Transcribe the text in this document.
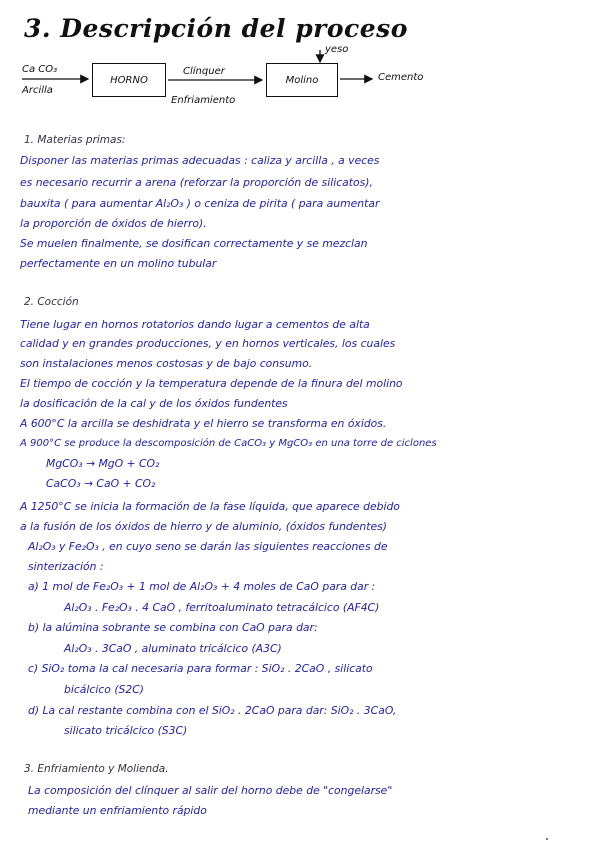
3. Descripción del proceso
Ca CO₃
Arcilla
HORNO
Clínquer
Enfriamiento
yeso
Molino	Cemento
1. Materias primas:
Disponer las materias primas adecuadas : caliza y arcilla , a veces
es necesario recurrir a arena (reforzar la proporción de silicatos),
bauxita ( para aumentar Al₂O₃ ) o ceniza de pirita ( para aumentar
la proporción de óxidos de hierro).
Se muelen finalmente, se dosifican correctamente y se mezclan
perfectamente en un molino tubular
2. Cocción
Tiene lugar en hornos rotatorios dando lugar a cementos de alta
calidad y en grandes producciones, y en hornos verticales, los cuales
son instalaciones menos costosas y de bajo consumo.
El tiempo de cocción y la temperatura depende de la finura del molino
la dosificación de la cal y de los óxidos fundentes
A 600°C la arcilla se deshidrata y el hierro se transforma en óxidos.
A 900°C se produce la descomposición de CaCO₃ y MgCO₃ en una torre de ciclones
MgCO₃ → MgO + CO₂
CaCO₃ → CaO + CO₂
A 1250°C se inicia la formación de la fase líquida, que aparece debido
a la fusión de los óxidos de hierro y de aluminio, (óxidos fundentes)
Al₂O₃ y Fe₂O₃ , en cuyo seno se darán las siguientes reacciones de
sinterización :
a) 1 mol de Fe₂O₃ + 1 mol de Al₂O₃ + 4 moles de CaO para dar :
Al₂O₃ . Fe₂O₃ . 4 CaO , ferritoaluminato tetracálcico (AF4C)
b) la alúmina sobrante se combina con CaO para dar:
Al₂O₃ . 3CaO , aluminato tricálcico (A3C)
c) SiO₂ toma la cal necesaria para formar : SiO₂ . 2CaO , silicato
bicálcico (S2C)
d) La cal restante combina con el SiO₂ . 2CaO para dar: SiO₂ . 3CaO,
silicato tricálcico (S3C)
3. Enfriamiento y Molienda.
La composición del clínquer al salir del horno debe de "congelarse"
mediante un enfriamiento rápido
